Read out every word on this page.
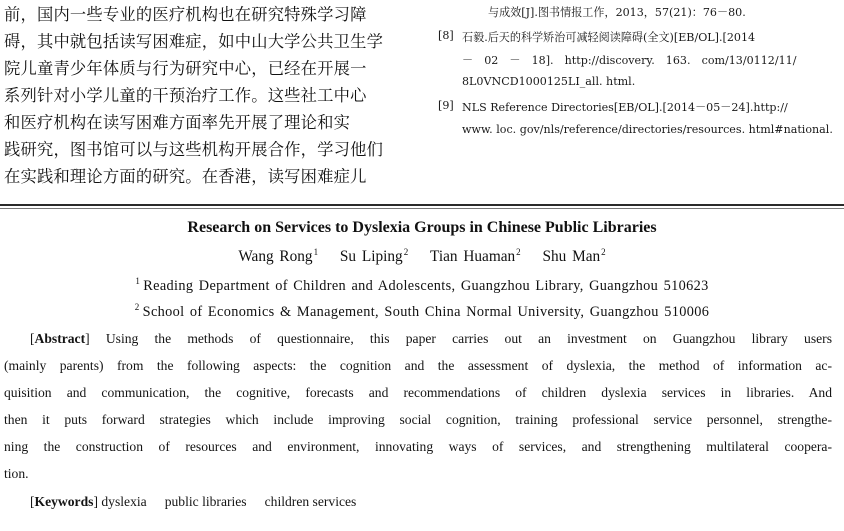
前，国内一些专业的医疗机构也在研究特殊学习障
碍，其中就包括读写困难症，如中山大学公共卫生学
院儿童青少年体质与行为研究中心，已经在开展一
系列针对小学儿童的干预治疗工作。这些社工中心
和医疗机构在读写困难方面率先开展了理论和实
践研究，图书馆可以与这些机构开展合作，学习他们
在实践和理论方面的研究。在香港，读写困难症儿
与成效[J].图书情报工作，2013，57(21)：76－80.
[8] 石毅.后天的科学矫治可减轻阅读障碍(全文)[EB/OL].[2014
－　02　－　18].　http://discovery.　163.　com/13/0112/11/
8L0VNCD1000125LI_all. html.
[9] NLS Reference Directories[EB/OL].[2014－05－24].http://
www. loc. gov/nls/reference/directories/resources. html#national.
Research on Services to Dyslexia Groups in Chinese Public Libraries
Wang Rong$^1$ Su Liping$^2$ Tian Huaman$^2$ Shu Man$^2$
$^1$ Reading Department of Children and Adolescents, Guangzhou Library, Guangzhou 510623
$^2$ School of Economics & Management, South China Normal University, Guangzhou 510006
[Abstract] Using the methods of questionnaire, this paper carries out an investment on Guangzhou library users
(mainly parents) from the following aspects: the cognition and the assessment of dyslexia, the method of information ac-
quisition and communication, the cognitive, forecasts and recommendations of children dyslexia services in libraries. And
then it puts forward strategies which include improving social cognition, training professional service personnel, strengthe-
ning the construction of resources and environment, innovating ways of services, and strengthening multilateral coopera-
tion.
[Keywords] dyslexia public libraries children services
